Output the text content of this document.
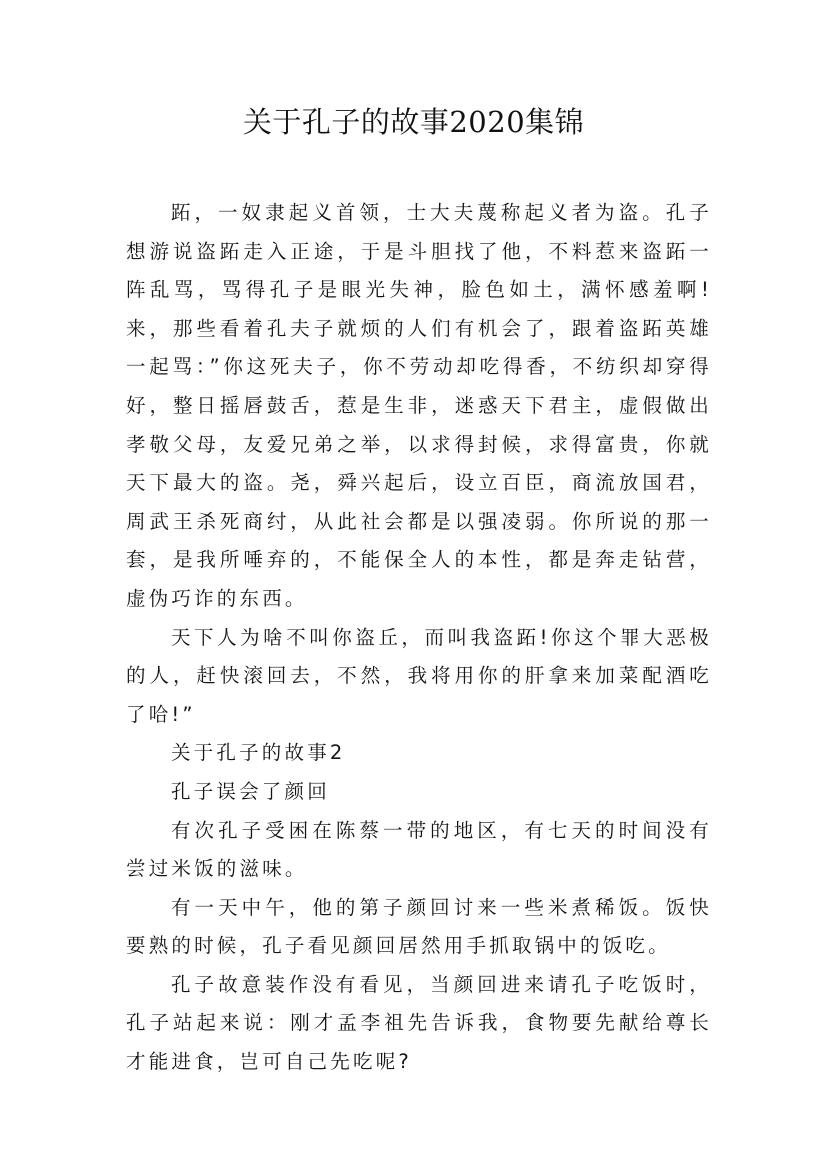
关于孔子的故事2020集锦

跖，一奴隶起义首领，士大夫蔑称起义者为盗。孔子想游说盗跖走入正途，于是斗胆找了他，不料惹来盗跖一阵乱骂，骂得孔子是眼光失神，脸色如土，满怀感羞啊!来，那些看着孔夫子就烦的人们有机会了，跟着盗跖英雄一起骂：”你这死夫子，你不劳动却吃得香，不纺织却穿得好，整日摇唇鼓舌，惹是生非，迷惑天下君主，虚假做出孝敬父母，友爱兄弟之举，以求得封候，求得富贵，你就天下最大的盗。尧，舜兴起后，设立百臣，商流放国君，周武王杀死商纣，从此社会都是以强凌弱。你所说的那一套，是我所唾弃的，不能保全人的本性，都是奔走钻营，虚伪巧诈的东西。

天下人为啥不叫你盗丘，而叫我盗跖!你这个罪大恶极的人，赶快滚回去，不然，我将用你的肝拿来加菜配酒吃了哈!”

关于孔子的故事2

孔子误会了颜回

有次孔子受困在陈蔡一带的地区，有七天的时间没有尝过米饭的滋味。

有一天中午，他的第子颜回讨来一些米煮稀饭。饭快要熟的时候，孔子看见颜回居然用手抓取锅中的饭吃。

孔子故意装作没有看见，当颜回进来请孔子吃饭时，孔子站起来说：刚才孟李祖先告诉我，食物要先献给尊长才能进食，岂可自己先吃呢?
